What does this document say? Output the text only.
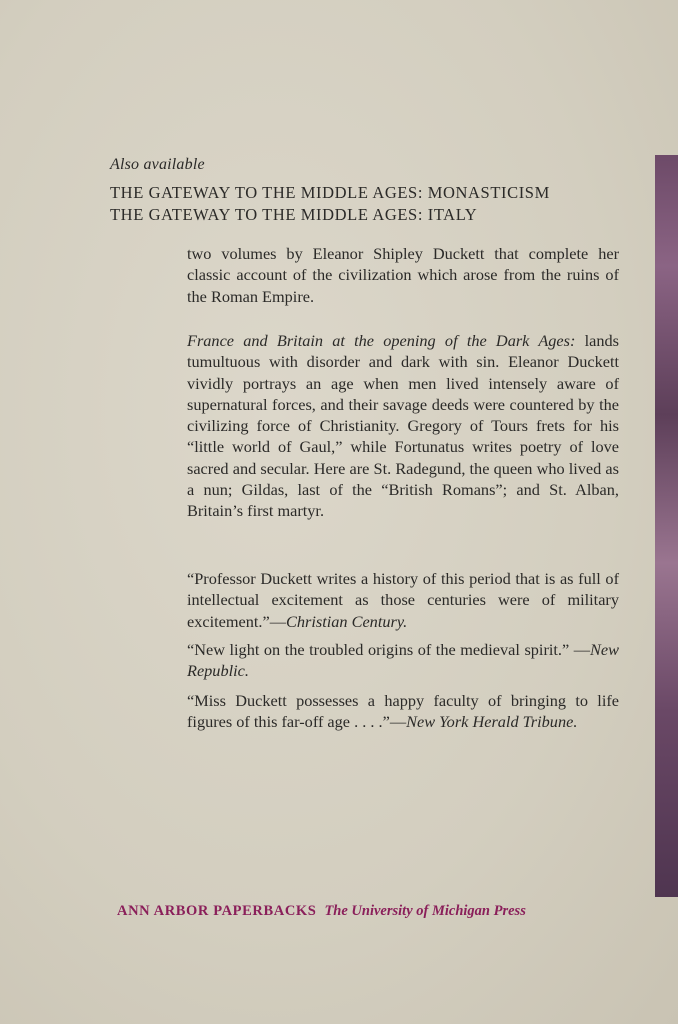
Also available
THE GATEWAY TO THE MIDDLE AGES: MONASTICISM
THE GATEWAY TO THE MIDDLE AGES: ITALY

two volumes by Eleanor Shipley Duckett that complete her classic account of the civilization which arose from the ruins of the Roman Empire.

France and Britain at the opening of the Dark Ages: lands tumultuous with disorder and dark with sin. Eleanor Duckett vividly portrays an age when men lived intensely aware of supernatural forces, and their savage deeds were countered by the civilizing force of Christianity. Gregory of Tours frets for his “little world of Gaul,” while Fortunatus writes poetry of love sacred and secular. Here are St. Radegund, the queen who lived as a nun; Gildas, last of the “British Romans”; and St. Alban, Britain’s first martyr.

“Professor Duckett writes a history of this period that is as full of intellectual excitement as those centuries were of military excitement.”—Christian Century.

“New light on the troubled origins of the medieval spirit.” —New Republic.

“Miss Duckett possesses a happy faculty of bringing to life figures of this far-off age . . . .”—New York Herald Tribune.

ANN ARBOR PAPERBACKS The University of Michigan Press
